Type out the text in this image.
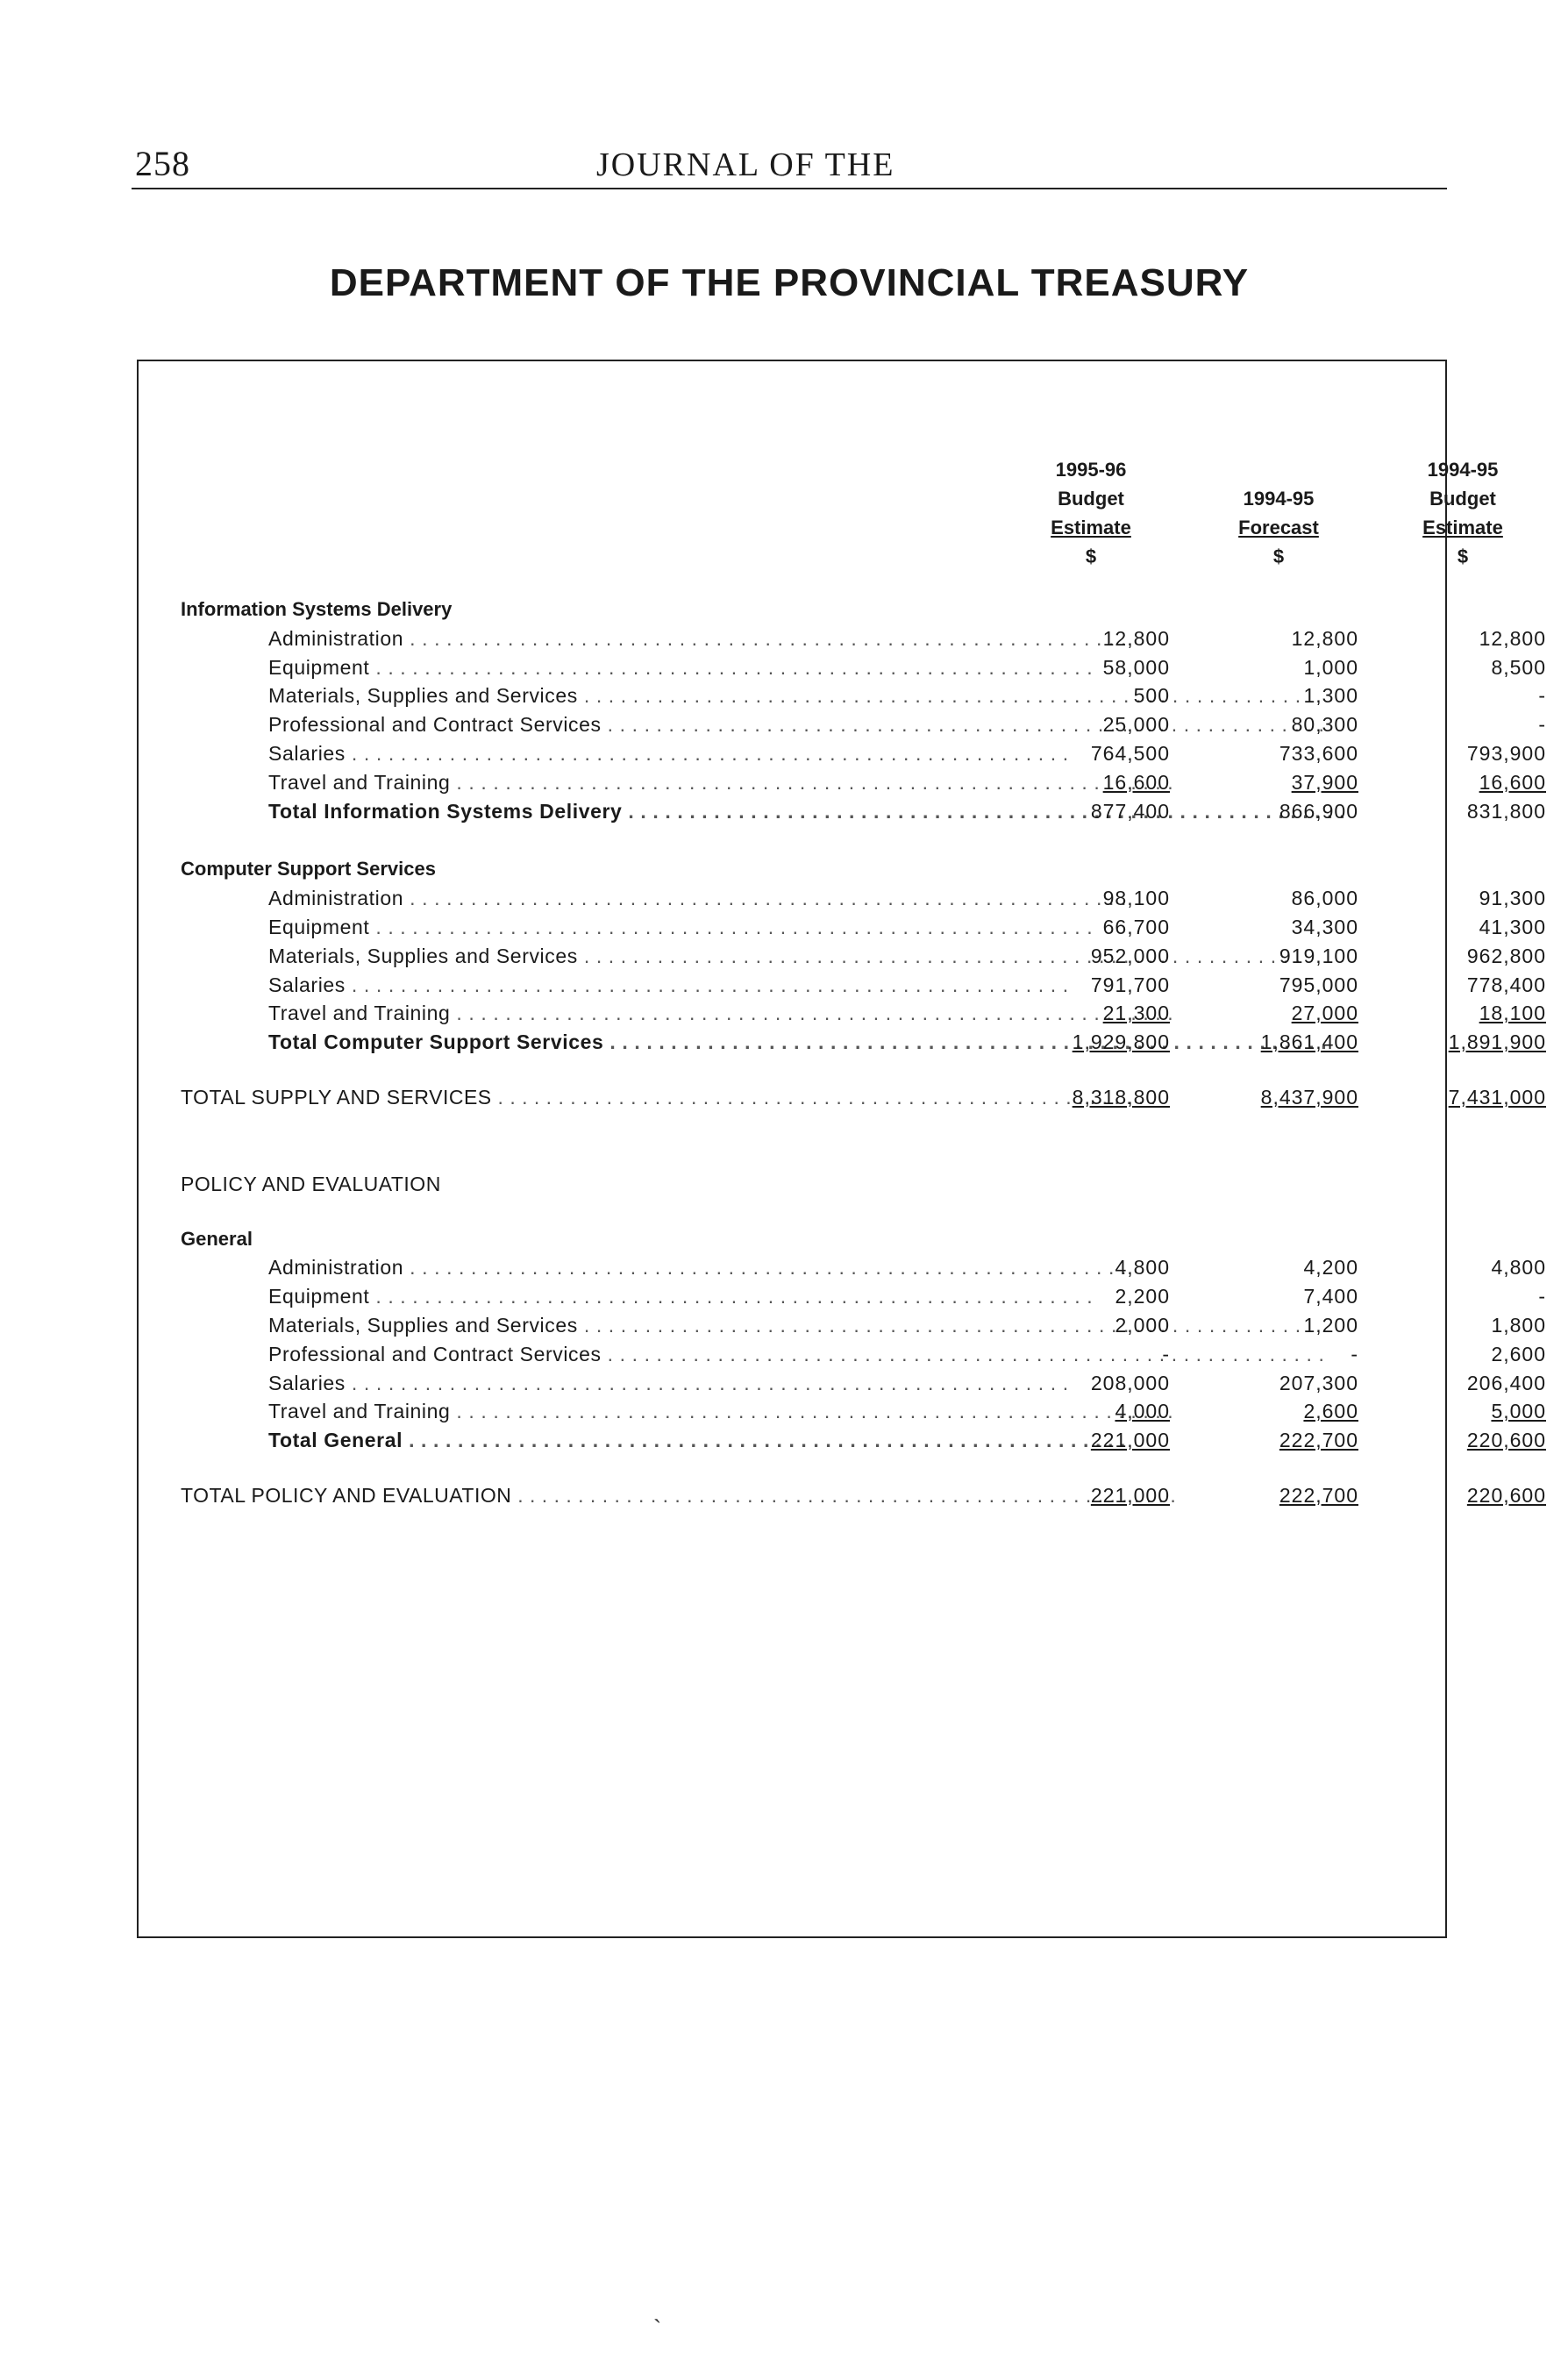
258	JOURNAL OF THE
DEPARTMENT OF THE PROVINCIAL TREASURY
1995-96
Budget
Estimate
$
1994-95
Forecast
$
1994-95
Budget
Estimate
$
Information Systems Delivery
Administration . . .	12,800	12,800	12,800
Equipment . . .	58,000	1,000	8,500
Materials, Supplies and Services . . .	500	1,300	-
Professional and Contract Services . . .	25,000	80,300	-
Salaries . . .	764,500	733,600	793,900
Travel and Training . . .	16,600	37,900	16,600
Total Information Systems Delivery . . .	877,400	866,900	831,800
Computer Support Services
Administration . . .	98,100	86,000	91,300
Equipment . . .	66,700	34,300	41,300
Materials, Supplies and Services . . .	952,000	919,100	962,800
Salaries . . .	791,700	795,000	778,400
Travel and Training . . .	21,300	27,000	18,100
Total Computer Support Services . . .	1,929,800	1,861,400	1,891,900
TOTAL SUPPLY AND SERVICES . . .	8,318,800	8,437,900	7,431,000
POLICY AND EVALUATION
General
Administration . . .	4,800	4,200	4,800
Equipment . . .	2,200	7,400	-
Materials, Supplies and Services . . .	2,000	1,200	1,800
Professional and Contract Services . . .	-	-	2,600
Salaries . . .	208,000	207,300	206,400
Travel and Training . . .	4,000	2,600	5,000
Total General . . .	221,000	222,700	220,600
TOTAL POLICY AND EVALUATION . . .	221,000	222,700	220,600
`
